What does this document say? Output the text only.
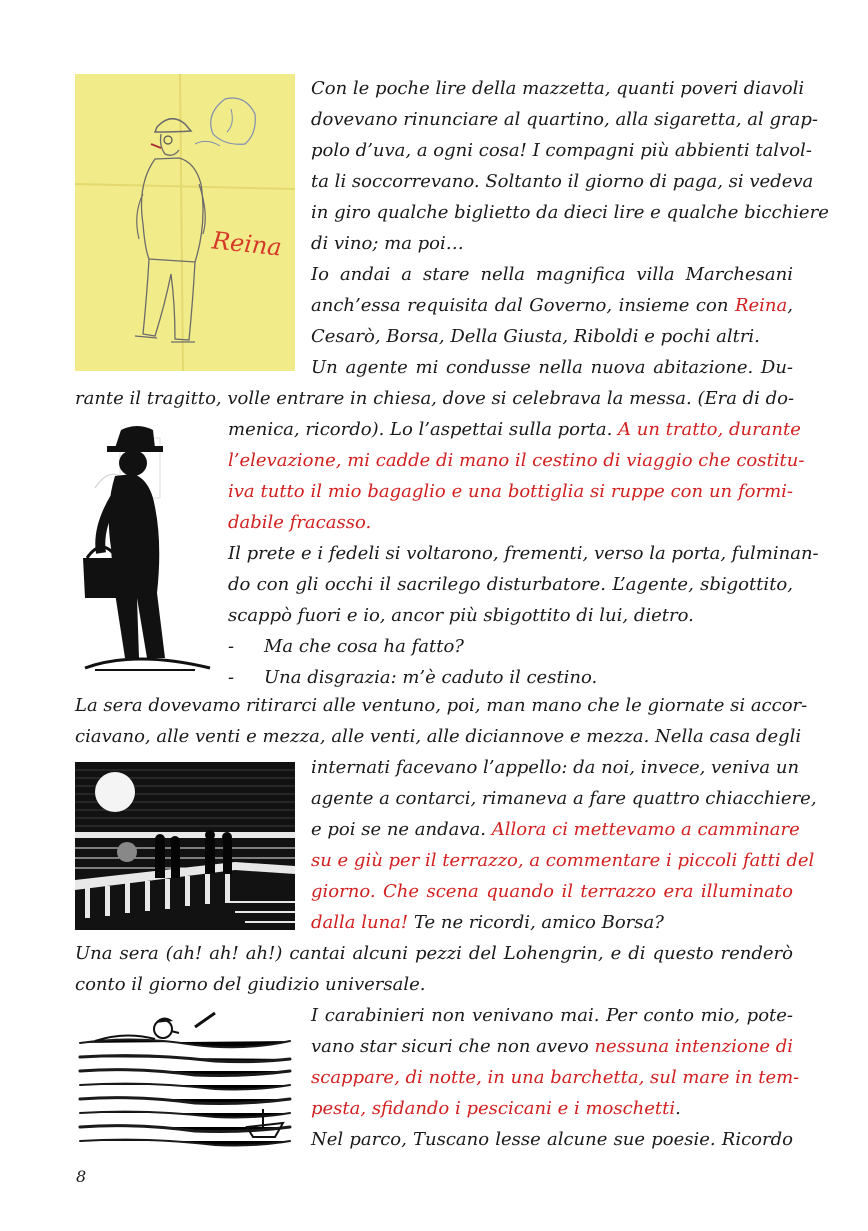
Reina
Con le poche lire della mazzetta, quanti poveri diavoli
dovevano rinunciare al quartino, alla sigaretta, al grap-
polo d’uva, a ogni cosa! I compagni più abbienti talvol-
ta li soccorrevano. Soltanto il giorno di paga, si vedeva
in giro qualche biglietto da dieci lire e qualche bicchiere
di vino; ma poi…
Io andai a stare nella magnifica villa Marchesani
anch’essa requisita dal Governo, insieme con Reina,
Cesarò, Borsa, Della Giusta, Riboldi e pochi altri.
Un agente mi condusse nella nuova abitazione. Du-
rante il tragitto, volle entrare in chiesa, dove si celebrava la messa. (Era di do-
menica, ricordo). Lo l’aspettai sulla porta. A un tratto, durante
l’elevazione, mi cadde di mano il cestino di viaggio che costitu-
iva tutto il mio bagaglio e una bottiglia si ruppe con un formi-
dabile fracasso.
Il prete e i fedeli si voltarono, frementi, verso la porta, fulminan-
do con gli occhi il sacrilego disturbatore. L’agente, sbigottito,
scappò fuori e io, ancor più sbigottito di lui, dietro.
- Ma che cosa ha fatto?
- Una disgrazia: m’è caduto il cestino.
La sera dovevamo ritirarci alle ventuno, poi, man mano che le giornate si accor-
ciavano, alle venti e mezza, alle venti, alle diciannove e mezza. Nella casa degli
internati facevano l’appello: da noi, invece, veniva un
agente a contarci, rimaneva a fare quattro chiacchiere,
e poi se ne andava. Allora ci mettevamo a camminare
su e giù per il terrazzo, a commentare i piccoli fatti del
giorno. Che scena quando il terrazzo era illuminato
dalla luna! Te ne ricordi, amico Borsa?
Una sera (ah! ah! ah!) cantai alcuni pezzi del Lohengrin, e di questo renderò
conto il giorno del giudizio universale.
I carabinieri non venivano mai. Per conto mio, pote-
vano star sicuri che non avevo nessuna intenzione di
scappare, di notte, in una barchetta, sul mare in tem-
pesta, sfidando i pescicani e i moschetti.
Nel parco, Tuscano lesse alcune sue poesie. Ricordo
8
